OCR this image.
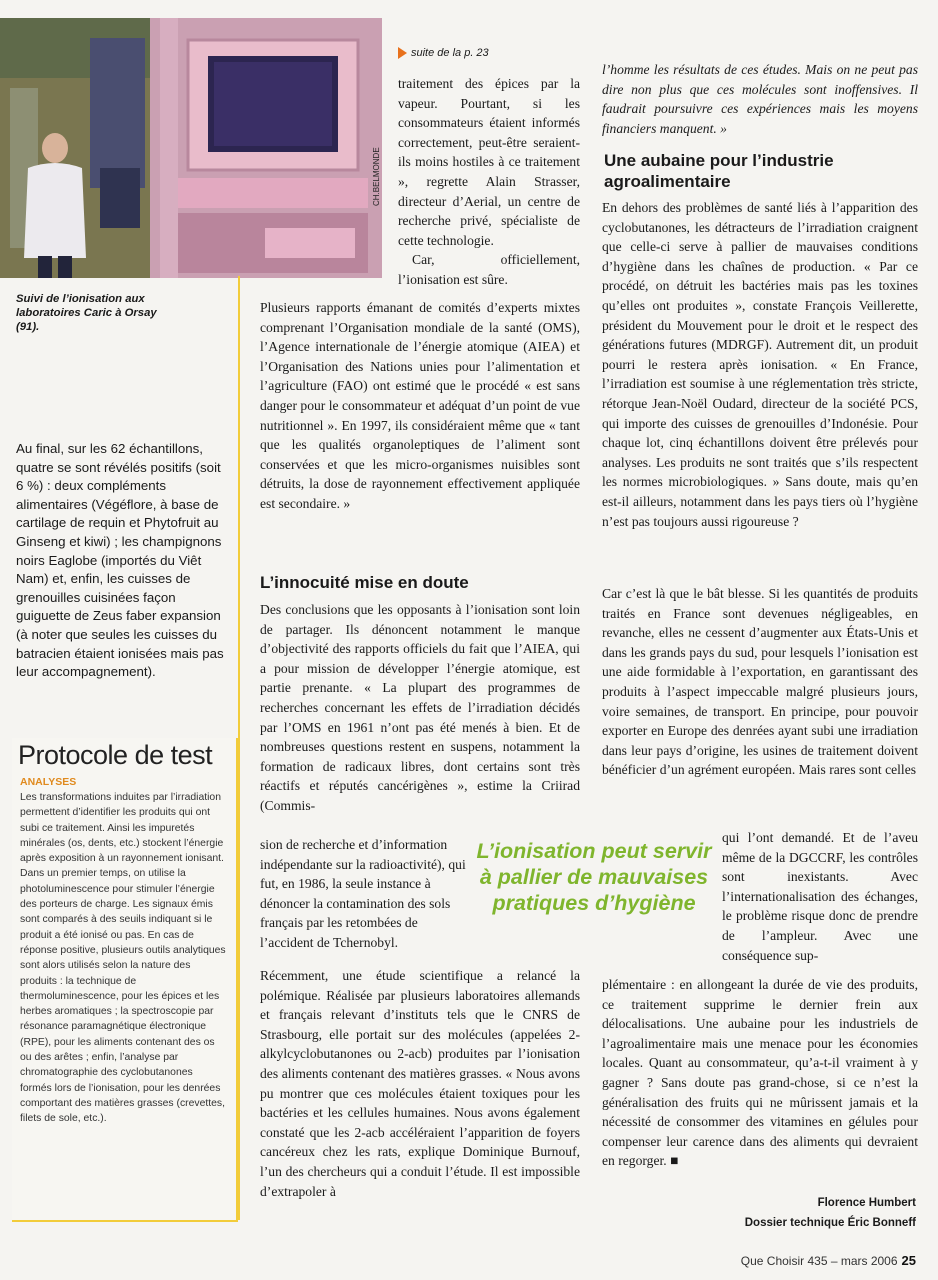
CH.BELMONDE
Suivi de l’ionisation aux laboratoires Caric à Orsay (91).
Au final, sur les 62 échantillons, quatre se sont révélés positifs (soit 6 %) : deux compléments alimentaires (Végéflore, à base de cartilage de requin et Phytofruit au Ginseng et kiwi) ; les champignons noirs Eaglobe (importés du Viêt Nam) et, enfin, les cuisses de grenouilles cuisinées façon guiguette de Zeus faber expansion (à noter que seules les cuisses du batracien étaient ionisées mais pas leur accompagnement).
Protocole de test
ANALYSES
Les transformations induites par l’irradiation permettent d’identifier les produits qui ont subi ce traitement. Ainsi les impuretés minérales (os, dents, etc.) stockent l’énergie après exposition à un rayonnement ionisant. Dans un premier temps, on utilise la photoluminescence pour stimuler l’énergie des porteurs de charge. Les signaux émis sont comparés à des seuils indiquant si le produit a été ionisé ou pas. En cas de réponse positive, plusieurs outils analytiques sont alors utilisés selon la nature des produits : la technique de thermoluminescence, pour les épices et les herbes aromatiques ; la spectroscopie par résonance paramagnétique électronique (RPE), pour les aliments contenant des os ou des arêtes ; enfin, l’analyse par chromatographie des cyclobutanones formés lors de l’ionisation, pour les denrées comportant des matières grasses (crevettes, filets de sole, etc.).
suite de la p. 23

traitement des épices par la vapeur. Pourtant, si les consommateurs étaient informés correctement, peut-être seraient-ils moins hostiles à ce traitement », regrette Alain Strasser, directeur d’Aerial, un centre de recherche privé, spécialiste de cette technologie.

Car, officiellement, l’ionisation est sûre.

Plusieurs rapports émanant de comités d’experts mixtes comprenant l’Organisation mondiale de la santé (OMS), l’Agence internationale de l’énergie atomique (AIEA) et l’Organisation des Nations unies pour l’alimentation et l’agriculture (FAO) ont estimé que le procédé « est sans danger pour le consommateur et adéquat d’un point de vue nutritionnel ». En 1997, ils considéraient même que « tant que les qualités organoleptiques de l’aliment sont conservées et que les micro-organismes nuisibles sont détruits, la dose de rayonnement effectivement appliquée est secondaire. »

L’innocuité mise en doute

Des conclusions que les opposants à l’ionisation sont loin de partager. Ils dénoncent notamment le manque d’objectivité des rapports officiels du fait que l’AIEA, qui a pour mission de développer l’énergie atomique, est partie prenante. « La plupart des programmes de recherches concernant les effets de l’irradiation décidés par l’OMS en 1961 n’ont pas été menés à bien. Et de nombreuses questions restent en suspens, notamment la formation de radicaux libres, dont certains sont très réactifs et réputés cancérigènes », estime la Criirad (Commis-

sion de recherche et d’information indépendante sur la radioactivité), qui fut, en 1986, la seule instance à dénoncer la contamination des sols français par les retombées de l’accident de Tchernobyl.

Récemment, une étude scientifique a relancé la polémique. Réalisée par plusieurs laboratoires allemands et français relevant d’instituts tels que le CNRS de Strasbourg, elle portait sur des molécules (appelées 2-alkylcyclobutanones ou 2-acb) produites par l’ionisation des aliments contenant des matières grasses. « Nous avons pu montrer que ces molécules étaient toxiques pour les bactéries et les cellules humaines. Nous avons également constaté que les 2-acb accéléraient l’apparition de foyers cancéreux chez les rats, explique Dominique Burnouf, l’un des chercheurs qui a conduit l’étude. Il est impossible d’extrapoler à

l’homme les résultats de ces études. Mais on ne peut pas dire non plus que ces molécules sont inoffensives. Il faudrait poursuivre ces expériences mais les moyens financiers manquent. »

Une aubaine pour l’industrie agroalimentaire

En dehors des problèmes de santé liés à l’apparition des cyclobutanones, les détracteurs de l’irradiation craignent que celle-ci serve à pallier de mauvaises conditions d’hygiène dans les chaînes de production. « Par ce procédé, on détruit les bactéries mais pas les toxines qu’elles ont produites », constate François Veillerette, président du Mouvement pour le droit et le respect des générations futures (MDRGF). Autrement dit, un produit pourri le restera après ionisation. « En France, l’irradiation est soumise à une réglementation très stricte, rétorque Jean-Noël Oudard, directeur de la société PCS, qui importe des cuisses de grenouilles d’Indonésie. Pour chaque lot, cinq échantillons doivent être prélevés pour analyses. Les produits ne sont traités que s’ils respectent les normes microbiologiques. » Sans doute, mais qu’en est-il ailleurs, notamment dans les pays tiers où l’hygiène n’est pas toujours aussi rigoureuse ?

Car c’est là que le bât blesse. Si les quantités de produits traités en France sont devenues négligeables, en revanche, elles ne cessent d’augmenter aux États-Unis et dans les grands pays du sud, pour lesquels l’ionisation est une aide formidable à l’exportation, en garantissant des produits à l’aspect impeccable malgré plusieurs jours, voire semaines, de transport. En principe, pour pouvoir exporter en Europe des denrées ayant subi une irradiation dans leur pays d’origine, les usines de traitement doivent bénéficier d’un agrément européen. Mais rares sont celles

qui l’ont demandé. Et de l’aveu même de la DGCCRF, les contrôles sont inexistants. Avec l’internationalisation des échanges, le problème risque donc de prendre de l’ampleur. Avec une conséquence sup-

plémentaire : en allongeant la durée de vie des produits, ce traitement supprime le dernier frein aux délocalisations. Une aubaine pour les industriels de l’agroalimentaire mais une menace pour les économies locales. Quant au consommateur, qu’a-t-il vraiment à y gagner ? Sans doute pas grand-chose, si ce n’est la généralisation des fruits qui ne mûrissent jamais et la nécessité de consommer des vitamines en gélules pour compenser leur carence dans des aliments qui devraient en regorger. ■

L’ionisation peut servir à pallier de mauvaises pratiques d’hygiène
Florence Humbert
Dossier technique Éric Bonneff
Que Choisir 435 – mars 2006 25
